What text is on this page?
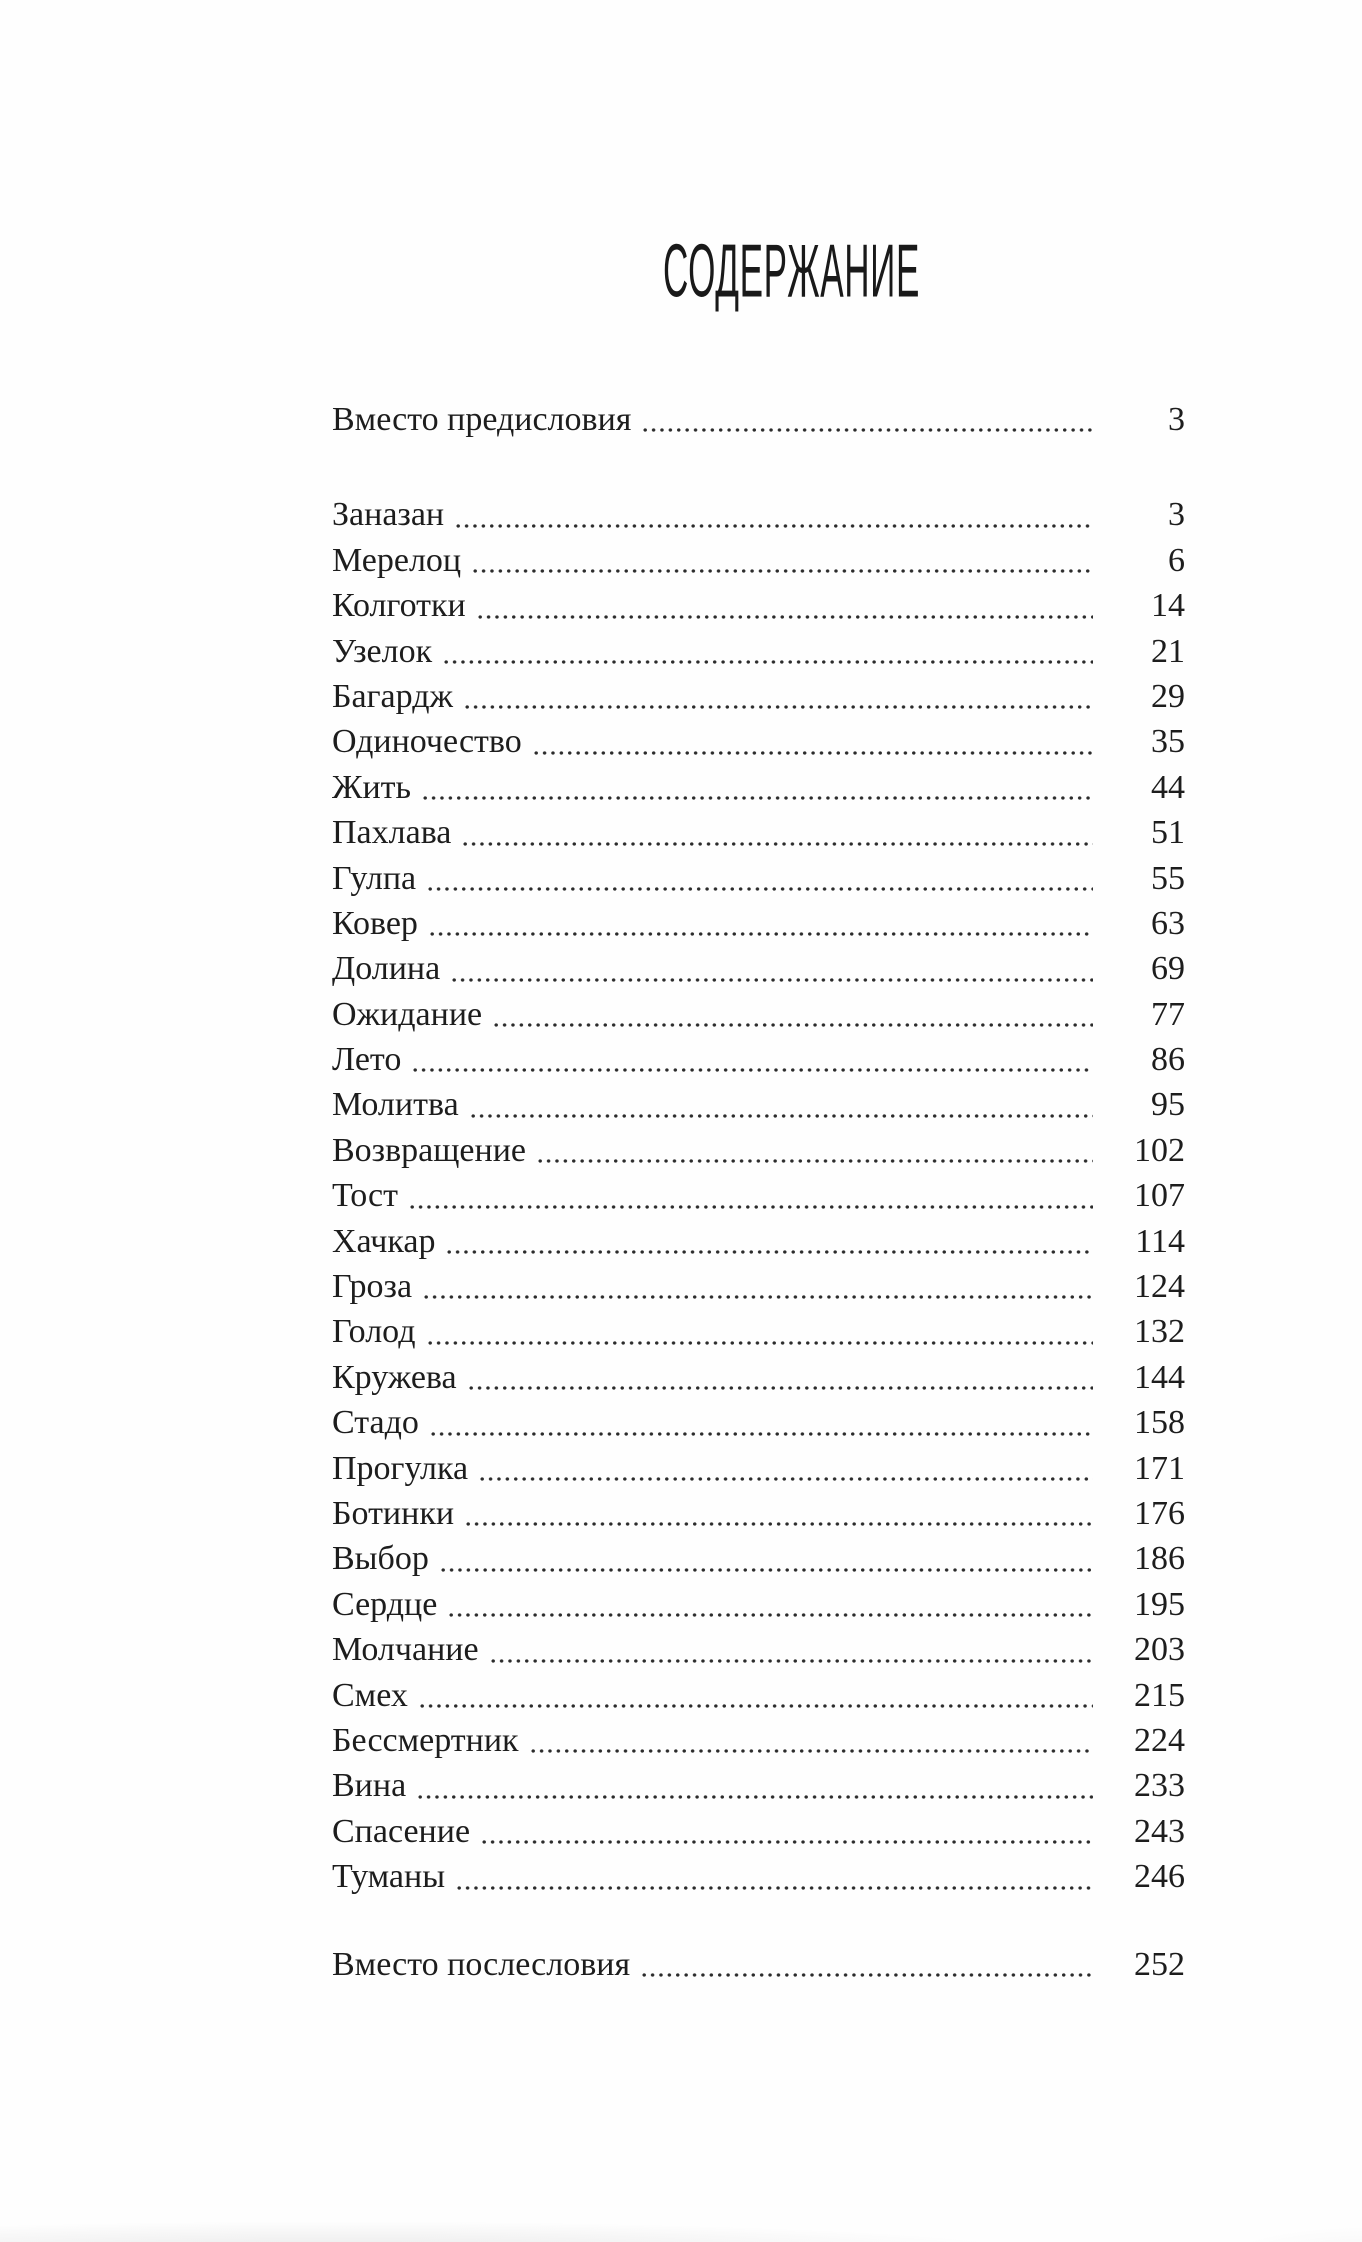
СОДЕРЖАНИЕ
Вместо предисловия	3
Заназан	3
Мерелоц	6
Колготки	14
Узелок	21
Багардж	29
Одиночество	35
Жить	44
Пахлава	51
Гулпа	55
Ковер	63
Долина	69
Ожидание	77
Лето	86
Молитва	95
Возвращение	102
Тост	107
Хачкар	114
Гроза	124
Голод	132
Кружева	144
Стадо	158
Прогулка	171
Ботинки	176
Выбор	186
Сердце	195
Молчание	203
Смех	215
Бессмертник	224
Вина	233
Спасение	243
Туманы	246
Вместо послесловия	252
